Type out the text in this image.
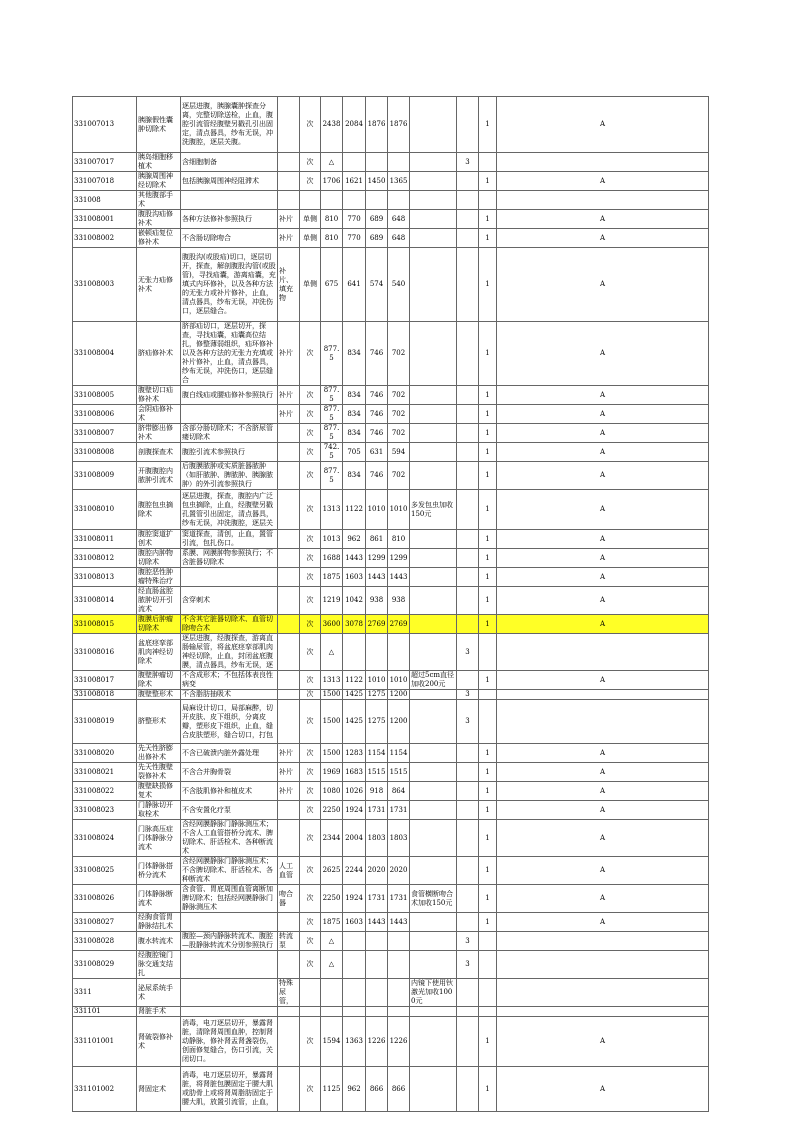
331007013	胰腺假性囊肿切除术	逐层进腹，胰腺囊肿探查分离，完整切除送检，止血，腹腔引流管经腹壁另戳孔引出固定，清点器具，纱布无误，冲洗腹腔，逐层关腹。		次	2438	2084	1876	1876			1	A
331007017	胰岛细胞移植术	含细胞制备		次	△					3		
331007018	胰腺周围神经切除术	包括胰腺周围神经阻滞术		次	1706	1621	1450	1365			1	A
331008	其他腹部手术											
331008001	腹股沟疝修补术	各种方法修补参照执行	补片	单侧	810	770	689	648			1	A
331008002	嵌顿疝复位修补术	不含肠切除吻合	补片	单侧	810	770	689	648			1	A
331008003	无张力疝修补术	腹股沟(或股疝)切口，逐层切开，探查，解剖腹股沟管(或股管)，寻找疝囊，游离疝囊，充填式内环修补，以及各种方法的无张力或补片修补，止血，清点器具，纱布无误，冲洗伤口，逐层缝合。	补片、填充物	单侧	675	641	574	540			1	A
331008004	脐疝修补术	脐部疝切口，逐层切开，探查，寻找疝囊，疝囊高位结扎，修整薄弱组织，疝环修补以及各种方法的无张力充填或补片修补，止血，清点器具，纱布无误，冲洗伤口，逐层缝合	补片	次	877.5	834	746	702			1	A
331008005	腹壁切口疝修补术	腹白线疝或腰疝修补参照执行	补片	次	877.5	834	746	702			1	A
331008006	会阴疝修补术		补片	次	877.5	834	746	702			1	A
331008007	脐带膨出修补术	含部分肠切除术；不含脐尿管瘘切除术		次	877.5	834	746	702			1	A
331008008	剖腹探查术	腹腔引流术参照执行		次	742.5	705	631	594			1	A
331008009	开腹腹腔内脓肿引流术	后腹膜脓肿或实质脏器脓肿（如肝脓肿、脾脓肿、胰腺脓肿）的外引流参照执行		次	877.5	834	746	702			1	A
331008010	腹腔包虫摘除术	逐层进腹，探查，腹腔内广泛包虫摘除，止血，经腹壁另戳孔置管引出固定，清点器具，纱布无误，冲洗腹腔，逐层关		次	1313	1122	1010	1010	多发包虫加收150元		1	A
331008011	腹腔窦道扩创术	窦道探查，清创，止血，置管引流，包扎伤口。		次	1013	962	861	810			1	A
331008012	腹腔内肿物切除术	系膜、网膜肿物参照执行；不含脏器切除术		次	1688	1443	1299	1299			1	A
331008013	腹腔恶性肿瘤特殊治疗			次	1875	1603	1443	1443			1	A
331008014	经直肠盆腔脓肿切开引流术	含穿刺术		次	1219	1042	938	938			1	A
331008015	腹膜后肿瘤切除术	不含其它脏器切除术、血管切除吻合术		次	3600	3078	2769	2769			1	A
331008016	盆底痉挛部肌肉神经切除术	逐层进腹，经腹探查，游离直肠输尿管，将盆底痉挛部肌肉神经切除，止血，封闭盆底腹膜，清点器具，纱布无误，逐		次	△					3		
331008017	腹壁肿瘤切除术	不含成形术；不包括体表良性病变		次	1313	1122	1010	1010	超过5cm直径加收200元		1	A
331008018	腹壁整形术	不含脂肪抽吸术		次	1500	1425	1275	1200		3		
331008019	脐整形术	局麻设计切口，局部麻醉，切开皮肤、皮下组织，分离皮瓣，塑形皮下组织，止血，缝合皮肤塑形，缝合切口，打包		次	1500	1425	1275	1200		3		
331008020	先天性脐膨出修补术	不含已破溃内脏外露处理	补片	次	1500	1283	1154	1154			1	A
331008021	先天性腹壁裂修补术	不含合并胸骨裂	补片	次	1969	1683	1515	1515			1	A
331008022	腹壁缺损修复术	不含肢肌修补和植皮术	补片	次	1080	1026	918	864			1	A
331008023	门静脉切开取栓术	不含安置化疗泵		次	2250	1924	1731	1731			1	A
331008024	门脉高压症门体静脉分流术	含经网膜静脉门静脉测压术；不含人工血管搭桥分流术、脾切除术、肝活检术、各种断流术		次	2344	2004	1803	1803			1	A
331008025	门体静脉搭桥分流术	含经网膜静脉门静脉测压术；不含脾切除术、肝活检术、各种断流术	人工血管	次	2625	2244	2020	2020			1	A
331008026	门体静脉断流术	含食管、胃底周围血管离断加脾切除术；包括经网膜静脉门静脉测压术	吻合器	次	2250	1924	1731	1731	食管横断吻合术加收150元		1	A
331008027	经胸食管胃静脉结扎术			次	1875	1603	1443	1443			1	A
331008028	腹水转流术	腹腔—颈内静脉转流术、腹腔—股静脉转流术分别参照执行	转流泵	次	△					3		
331008029	经腹腔镜门脉交通支结扎			次	△					3		
3311	泌尿系统手术		特殊尿管，						内镜下使用钬激光加收1000元			
331101	肾脏手术											
331101001	肾破裂修补术	消毒，电刀逐层切开，暴露肾脏，清除肾周围血肿，控制肾动静脉，修补肾盂肾盏裂伤，创面修复缝合，伤口引流，关闭切口。		次	1594	1363	1226	1226			1	A
331101002	肾固定术	消毒，电刀逐层切开，暴露肾脏，将肾脏包膜固定于腰大肌或肋骨上或将肾周脂肪固定于腰大肌，放置引流管，止血，		次	1125	962	866	866			1	A
